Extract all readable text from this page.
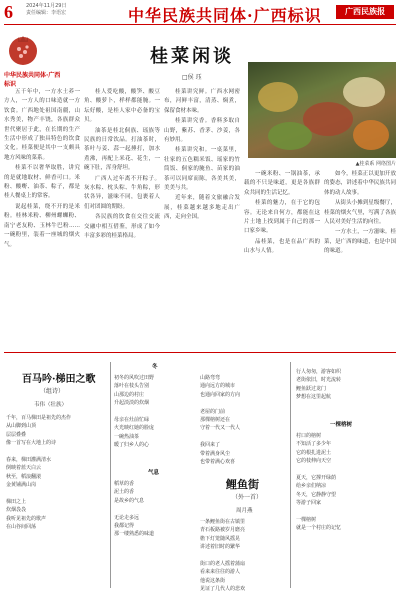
6	2024年11月29日
责任编辑：李语宏	中华民族共同体·广西标识	广西民族报
中华民族共同体·广西标识
桂菜闲谈
□侯 珏
▲桂菜系 网络图片

五千年中，一方水土养一方人，一方人的口味造就一方饮食。广西地处祖国南疆，山水秀美，物产丰饶，各族群众世代聚居于此，在长期的生产生活中形成了独具特色的饮食文化。桂菜便是其中一支颇具地方风味的菜系。

桂菜不以奢华取胜，讲究的是就地取材、鲜香可口。米粉、酸嘢、油茶、粽子，都是桂人餐桌上的常客。

说起桂菜，绕不开的是米粉。桂林米粉、柳州螺蛳粉、南宁老友粉、玉林牛巴粉……一碗粉里，装着一座城的烟火气。

桂人爱吃酸，酸笋、酸豆角、酸萝卜，样样都能腌。一坛好酸，是桂人家中必备的宝贝。

油茶是桂北侗族、瑶族等民族的日常饮品。打油茶时，茶叶与姜、蒜一起捶打，加水煮沸，再配上米花、花生，一碗下肚，浑身舒坦。

广西人过年离不开粽子。灰水粽、枕头粽、牛角粽，形状各异，滋味不同，包裹着人们对团圆的期盼。

各民族的饮食在交往交流交融中相互借鉴，形成了如今丰富多彩的桂菜格局。

桂菜讲究鲜。广西水网密布，河鲜丰富，清蒸、焖煮，保留食材本味。

桂菜讲究香。香料多取自山野，紫苏、香茅、沙姜，各有妙用。

桂菜讲究和。一桌菜里，壮家的五色糯米饭、瑶家的竹筒饭、侗家的腌鱼、苗家的油茶可以同席而陈，各美其美，美美与共。

近年来，随着文旅融合发展，桂菜越来越多地走出广西，走向全国。

一碗米粉、一锅油茶，承载的不只是味道，更是各族群众共同的生活记忆。

桂菜的魅力，在于它的包容。无论来自何方，都能在这片土地上找到属于自己的那一口家乡味。

品桂菜，也是在品广西的山水与人情。

如今，桂菜正以更加开放的姿态，讲述着中华民族共同体的动人故事。

从街头小摊到星级餐厅，桂菜的烟火气里，写满了各族人民对美好生活的向往。

一方水土，一方滋味。桂菜，是广西的味道，也是中国的味道。

百马吟·梯田之歌
（组诗）
韦伟（壮族）
千年，百马梯田是祖先的杰作
从山脚到山顶
层层叠叠
像一首写在大地上的诗

春来，梯田灌满清水
倒映着蓝天白云
秋至，稻浪翻滚
金黄铺满山岗

梯田之上
炊烟袅袅
我听见祖先的歌声
在山谷间回荡
冬
初冬的风吹过田野
落叶在枝头告别
山那边的村庄
升起淡淡的炊烟

母亲在灶前忙碌
火光映红她的脸庞
一碗热油茶
暖了归乡人的心
气息
稻草的香
泥土的香
是故乡的气息

无论走多远
我都记得
那一缕熟悉的味道
山路弯弯
通向远方的城市
也通向回家的方向

老屋的门前
那棵榕树还在
守着一代又一代人

我回来了
带着满身风尘
也带着满心欢喜
鲤鱼街
（外一首）
周月燕
一条鲤鱼街在古镇里
青石板路被岁月磨亮
檐下灯笼随风摇晃
讲述着旧时的繁华

街口的老人摇着蒲扇
看来来往往的游人
他说这条街
见证了几代人的悲欢
行人匆匆，游客如织
老街依旧，时光流转
鲤鱼跃过龙门
梦想在这里起航
一棵榕树
村口的榕树
不知活了多少年
它的根扎进泥土
它的枝伸向天空

夏天，它撑开绿荫
给乡亲们纳凉
冬天，它静静守望
等游子回家

一棵榕树
就是一个村庄的记忆
